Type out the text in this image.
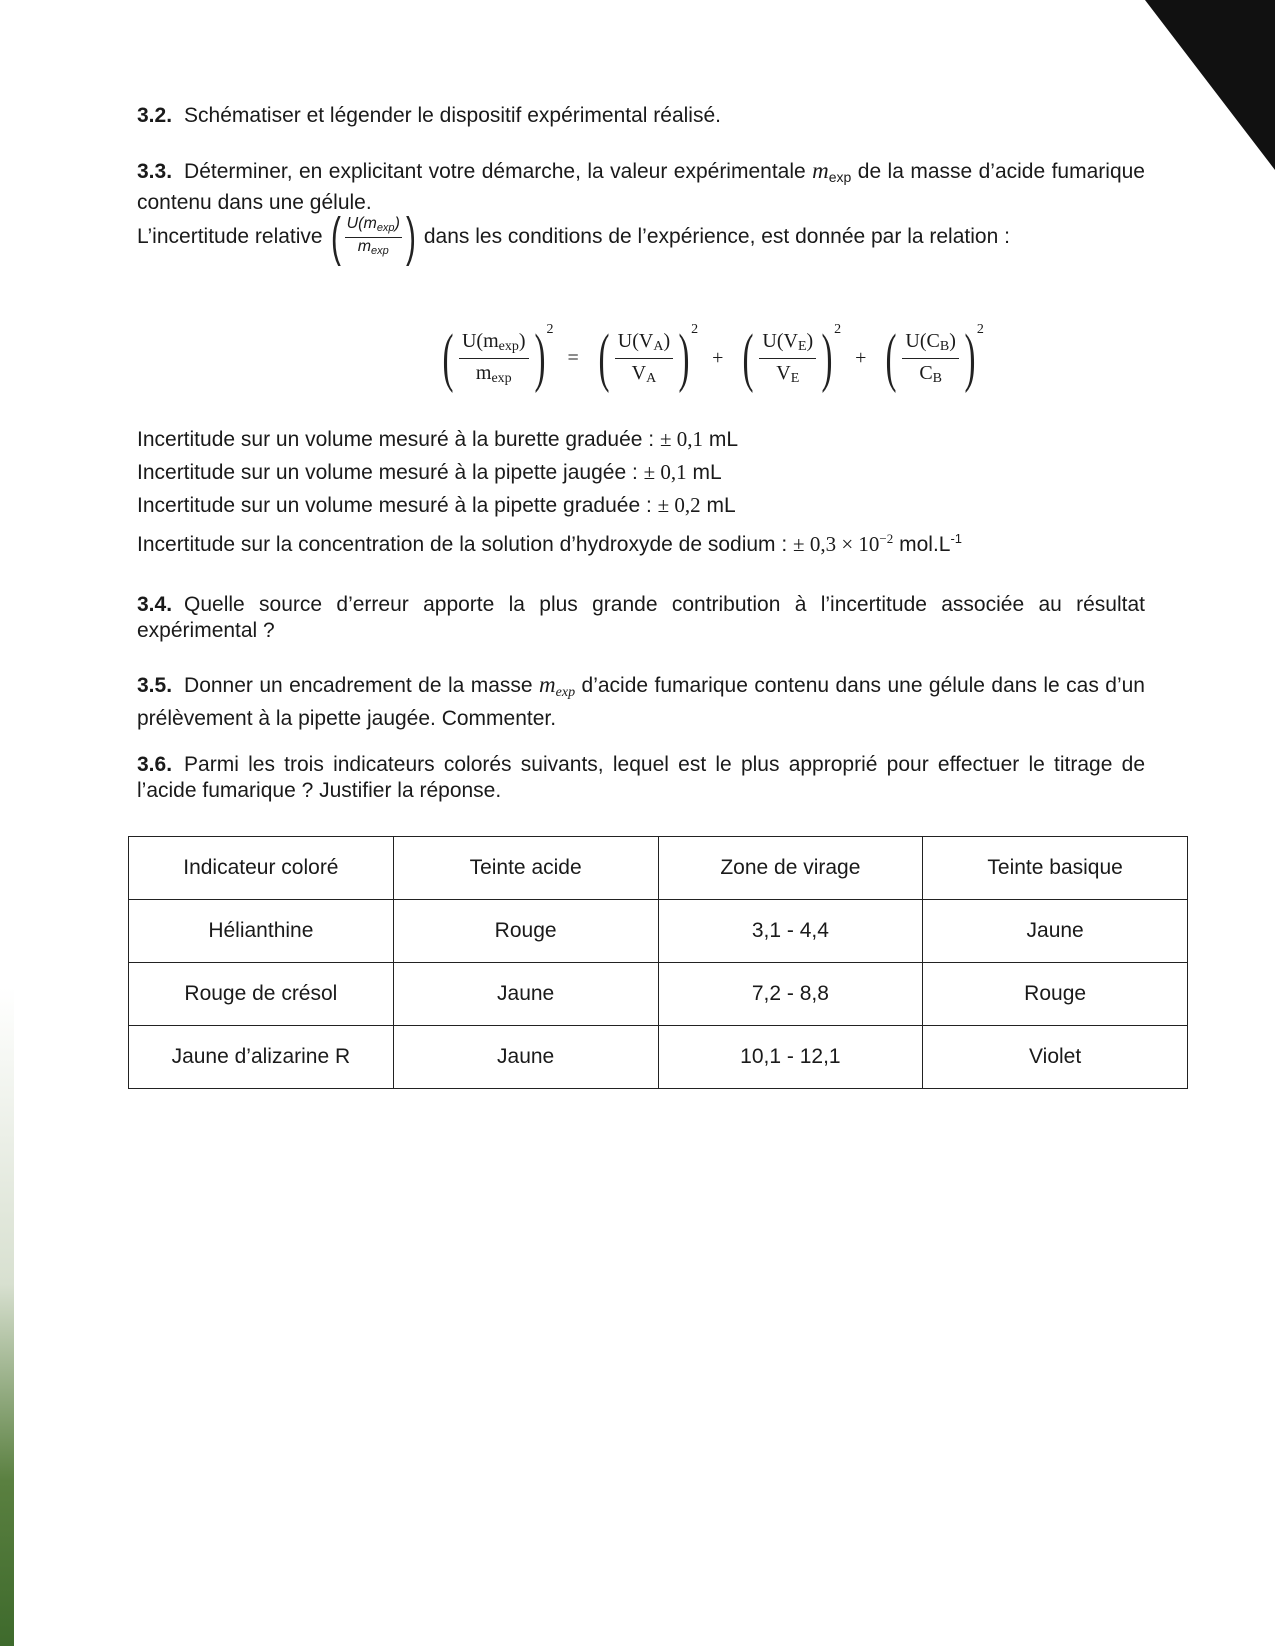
3.2. Schématiser et légender le dispositif expérimental réalisé.
3.3. Déterminer, en explicitant votre démarche, la valeur expérimentale $m_{exp}$ de la masse d’acide fumarique contenu dans une gélule.
L’incertitude relative ( U(mexp)
mexp ) dans les conditions de l’expérience, est donnée par la relation :
( $\frac{U(mexp)}{mexp}$ ) 2
= ( $\frac{U(VA)}{VA}$ ) 2
+ ( $\frac{U(VE)}{VE}$ ) 2
+ ( $\frac{U(CB)}{CB}$ ) 2
Incertitude sur un volume mesuré à la burette graduée : ± 0,1 mL
Incertitude sur un volume mesuré à la pipette jaugée : ± 0,1 mL
Incertitude sur un volume mesuré à la pipette graduée : ± 0,2 mL
Incertitude sur la concentration de la solution d’hydroxyde de sodium : ± $0,3 \times 10^{-2}$ $mol.L^{-1}$
3.4. Quelle source d’erreur apporte la plus grande contribution à l’incertitude associée au résultat expérimental ?
3.5. Donner un encadrement de la masse mexp d’acide fumarique contenu dans une gélule dans le cas d’un prélèvement à la pipette jaugée. Commenter.
3.6. Parmi les trois indicateurs colorés suivants, lequel est le plus approprié pour effectuer le titrage de l’acide fumarique ? Justifier la réponse.
Indicateur coloré	Teinte acide	Zone de virage	Teinte basique
Hélianthine	Rouge	3,1 - 4,4	Jaune
Rouge de crésol	Jaune	7,2 - 8,8	Rouge
Jaune d’alizarine R	Jaune	10,1 - 12,1	Violet
